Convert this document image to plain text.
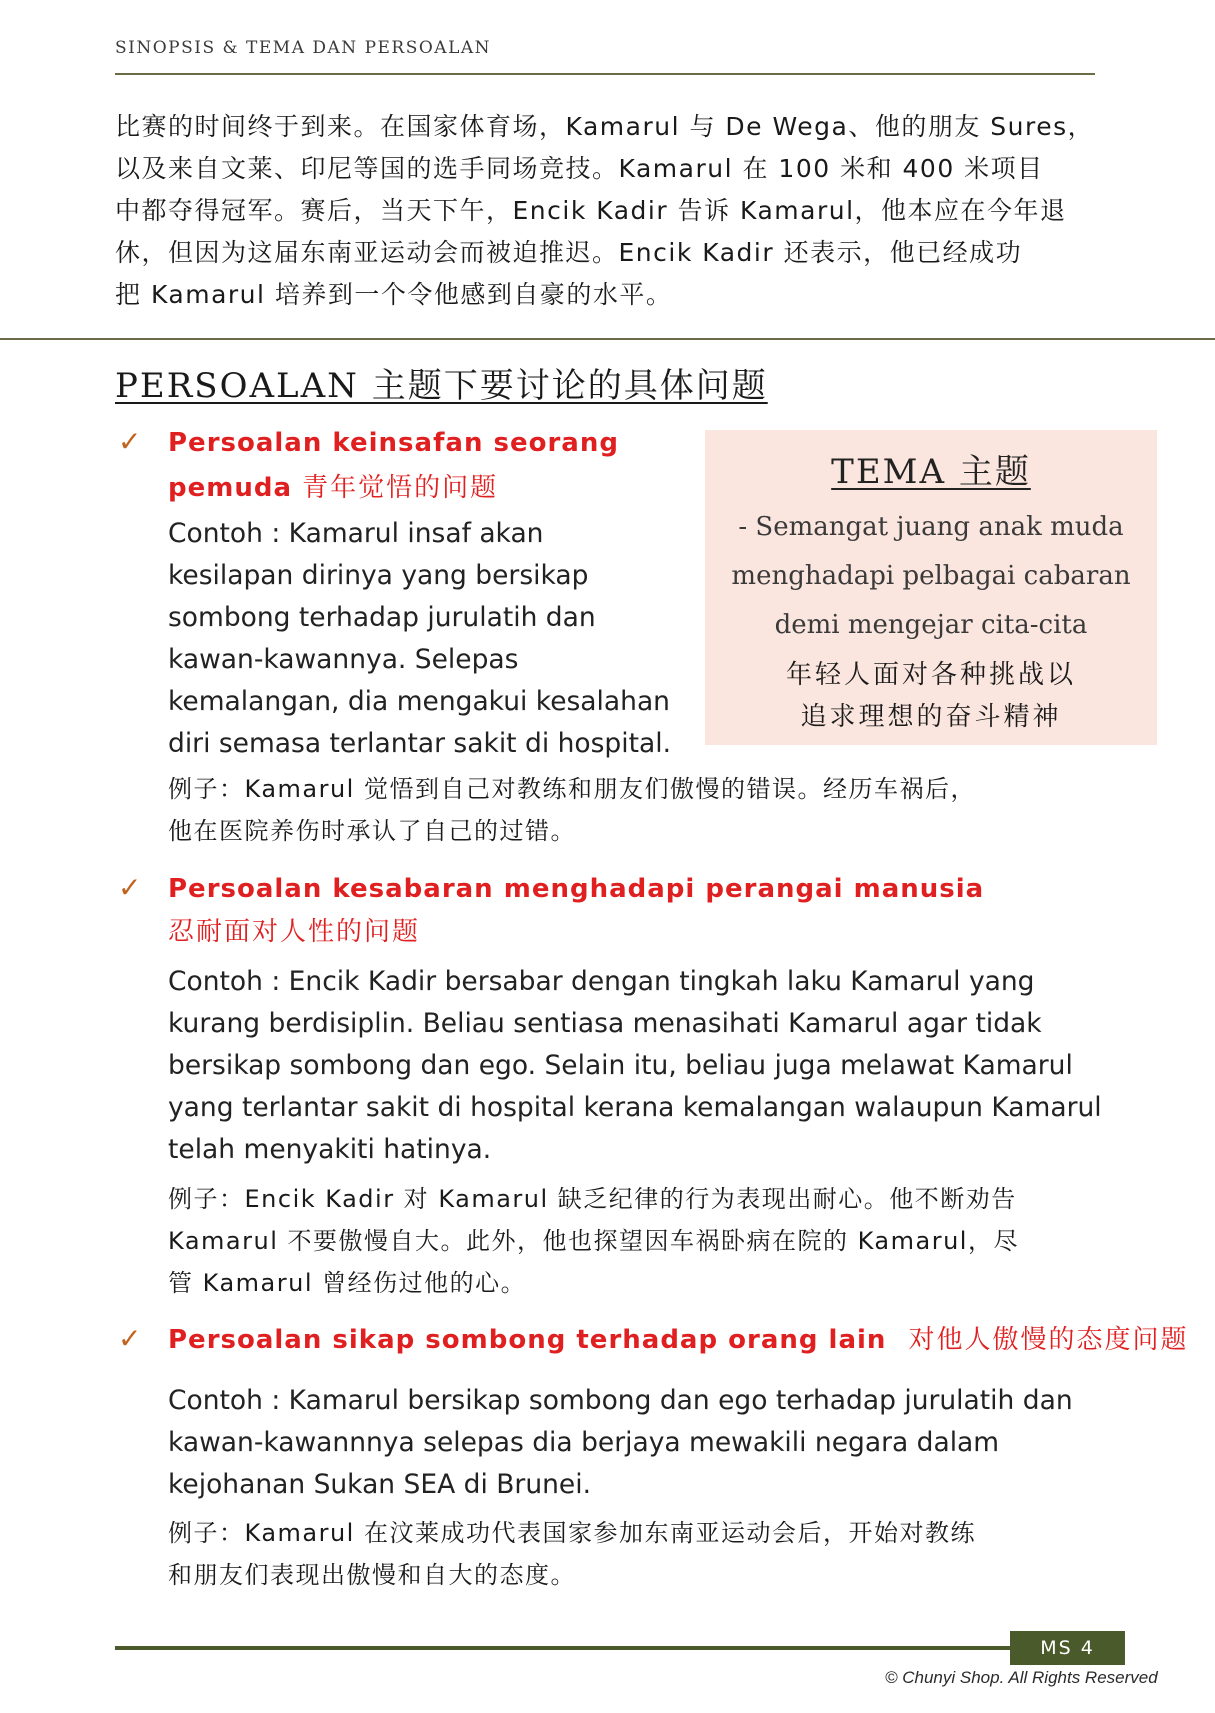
SINOPSIS & TEMA DAN PERSOALAN

比赛的时间终于到来。在国家体育场，Kamarul 与 De Wega、他的朋友 Sures，

以及来自文莱、印尼等国的选手同场竞技。Kamarul 在 100 米和 400 米项目

中都夺得冠军。赛后，当天下午，Encik Kadir 告诉 Kamarul，他本应在今年退

休，但因为这届东南亚运动会而被迫推迟。Encik Kadir 还表示，他已经成功

把 Kamarul 培养到一个令他感到自豪的水平。

PERSOALAN 主题下要讨论的具体问题
TEMA 主题

- Semangat juang anak muda

menghadapi pelbagai cabaran

demi mengejar cita-cita

年轻人面对各种挑战以

追求理想的奋斗精神

✓ Persoalan keinsafan seorang
pemuda 青年觉悟的问题

Contoh : Kamarul insaf akan

kesilapan dirinya yang bersikap

sombong terhadap jurulatih dan

kawan-kawannya. Selepas

kemalangan, dia mengakui kesalahan

diri semasa terlantar sakit di hospital.

例子：Kamarul 觉悟到自己对教练和朋友们傲慢的错误。经历车祸后，

他在医院养伤时承认了自己的过错。

✓ Persoalan kesabaran menghadapi perangai manusia
忍耐面对人性的问题

Contoh : Encik Kadir bersabar dengan tingkah laku Kamarul yang

kurang berdisiplin. Beliau sentiasa menasihati Kamarul agar tidak

bersikap sombong dan ego. Selain itu, beliau juga melawat Kamarul

yang terlantar sakit di hospital kerana kemalangan walaupun Kamarul

telah menyakiti hatinya.

例子：Encik Kadir 对 Kamarul 缺乏纪律的行为表现出耐心。他不断劝告

Kamarul 不要傲慢自大。此外，他也探望因车祸卧病在院的 Kamarul，尽

管 Kamarul 曾经伤过他的心。

✓ Persoalan sikap sombong terhadap orang lain 对他人傲慢的态度问题

Contoh : Kamarul bersikap sombong dan ego terhadap jurulatih dan

kawan-kawannnya selepas dia berjaya mewakili negara dalam

kejohanan Sukan SEA di Brunei.

例子：Kamarul 在汶莱成功代表国家参加东南亚运动会后，开始对教练

和朋友们表现出傲慢和自大的态度。

MS 4
© Chunyi Shop. All Rights Reserved
